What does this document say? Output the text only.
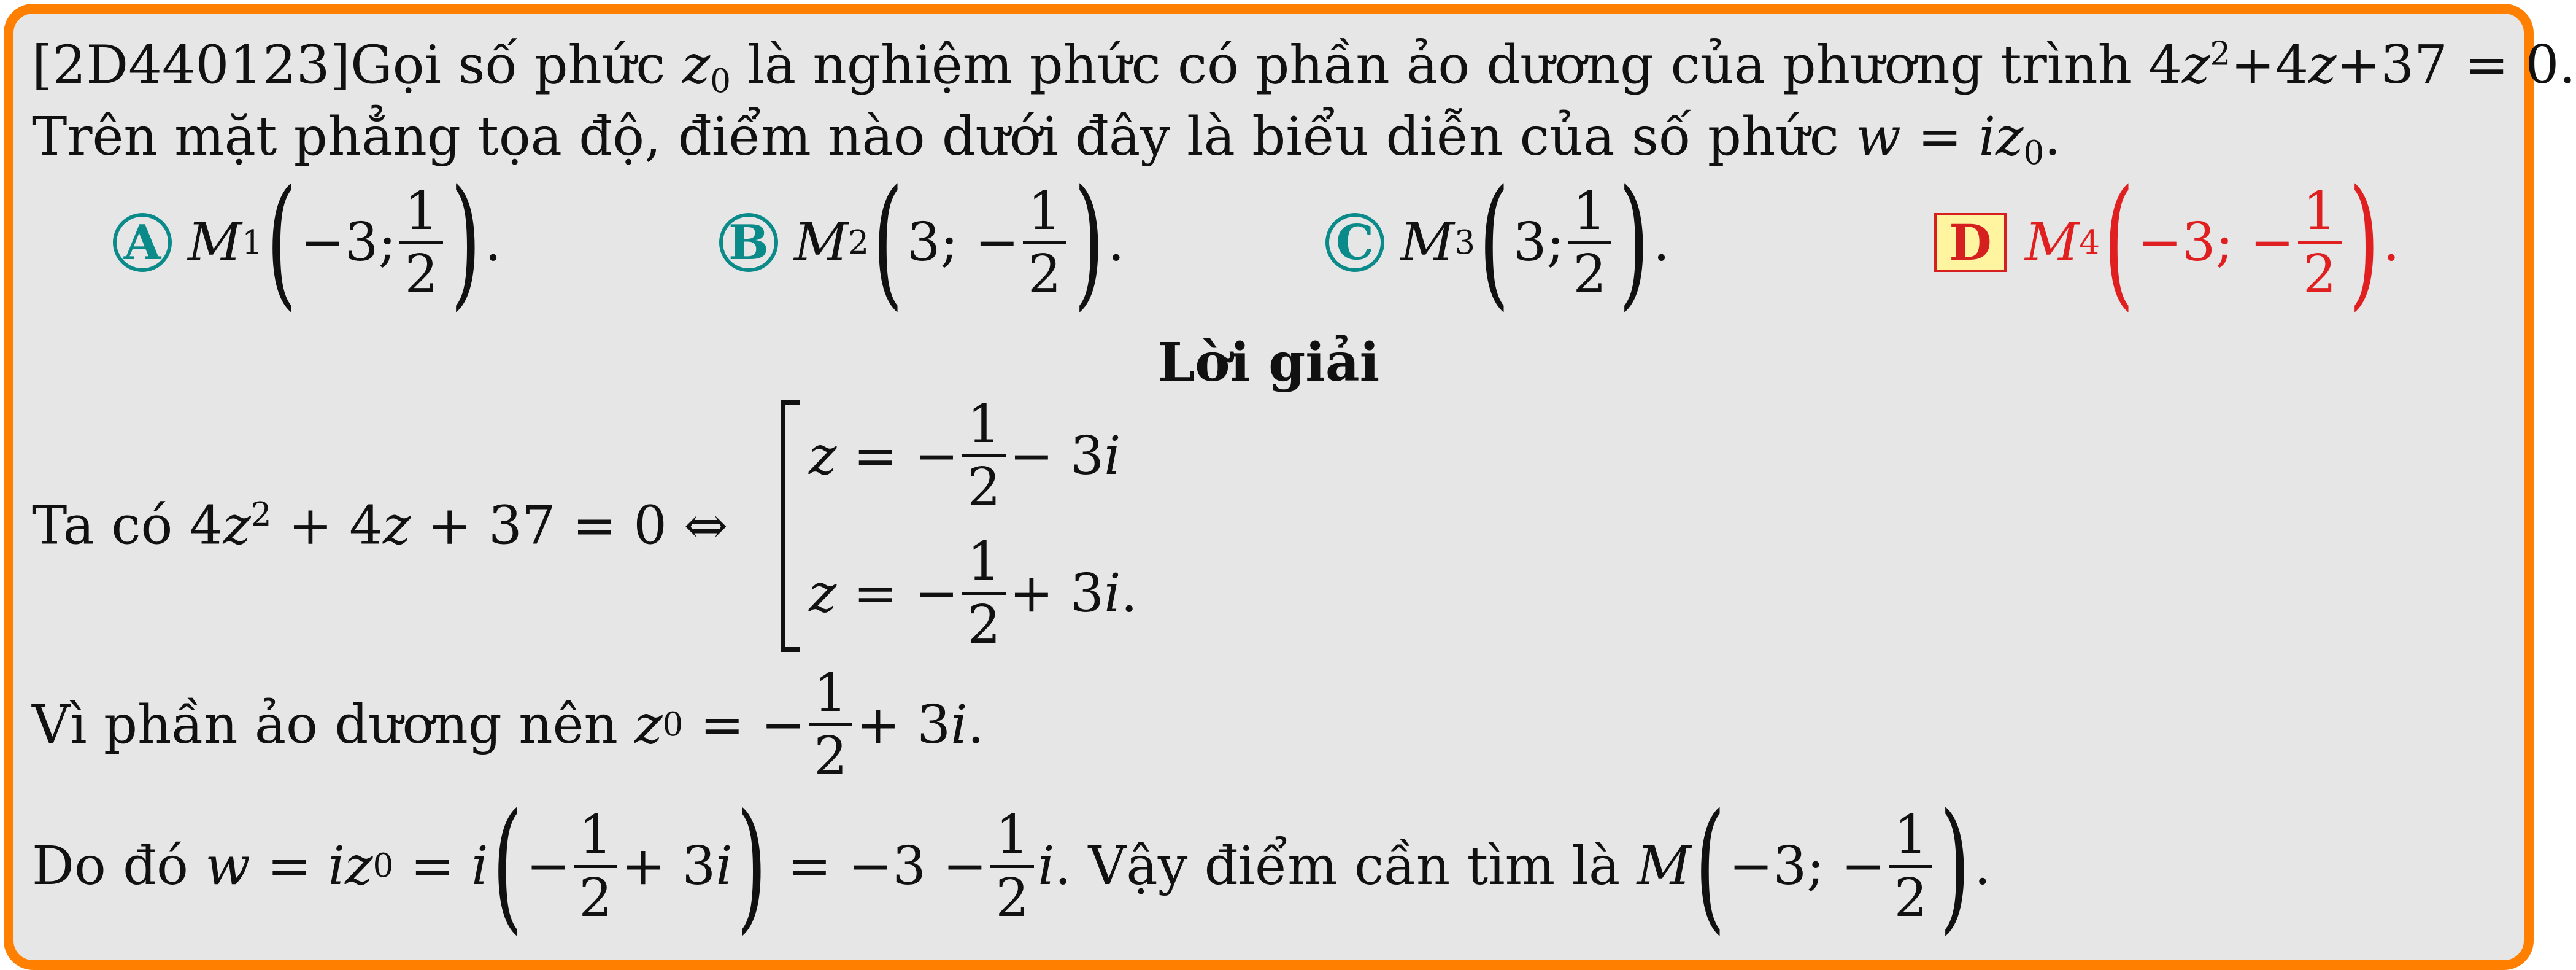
[2D440123]Gọi số phức $z_0$ là nghiệm phức có phần ảo dương của phương trình $4z^2+4z+37 = 0$.
Trên mặt phẳng tọa độ, điểm nào dưới đây là biểu diễn của số phức $w = iz_0$.
A M 1 ( −3; $\frac{1}{2}$ ) .	B M 2 ( 3; − $\frac{1}{2}$ ) .	C M 3 ( 3; $\frac{1}{2}$ ) .	D M 4 ( −3; − $\frac{1}{2}$ ) .
Lời giải
Ta có $4z^2 + 4z + 37 = 0$ ⇔
z = − $\frac{1}{2} - 3$ i
z = − $\frac{1}{2} + 3$ i .
Vì phần ảo dương nên
z 0 = − $\frac{1}{2} + 3$ i .
Do đó
w = iz 0 = i ( − $\frac{1}{2} + 3$ i ) = $-3 - \frac{1}{2}$ i . Vậy điểm cần tìm là
M ( −3; − $\frac{1}{2}$ ) .
